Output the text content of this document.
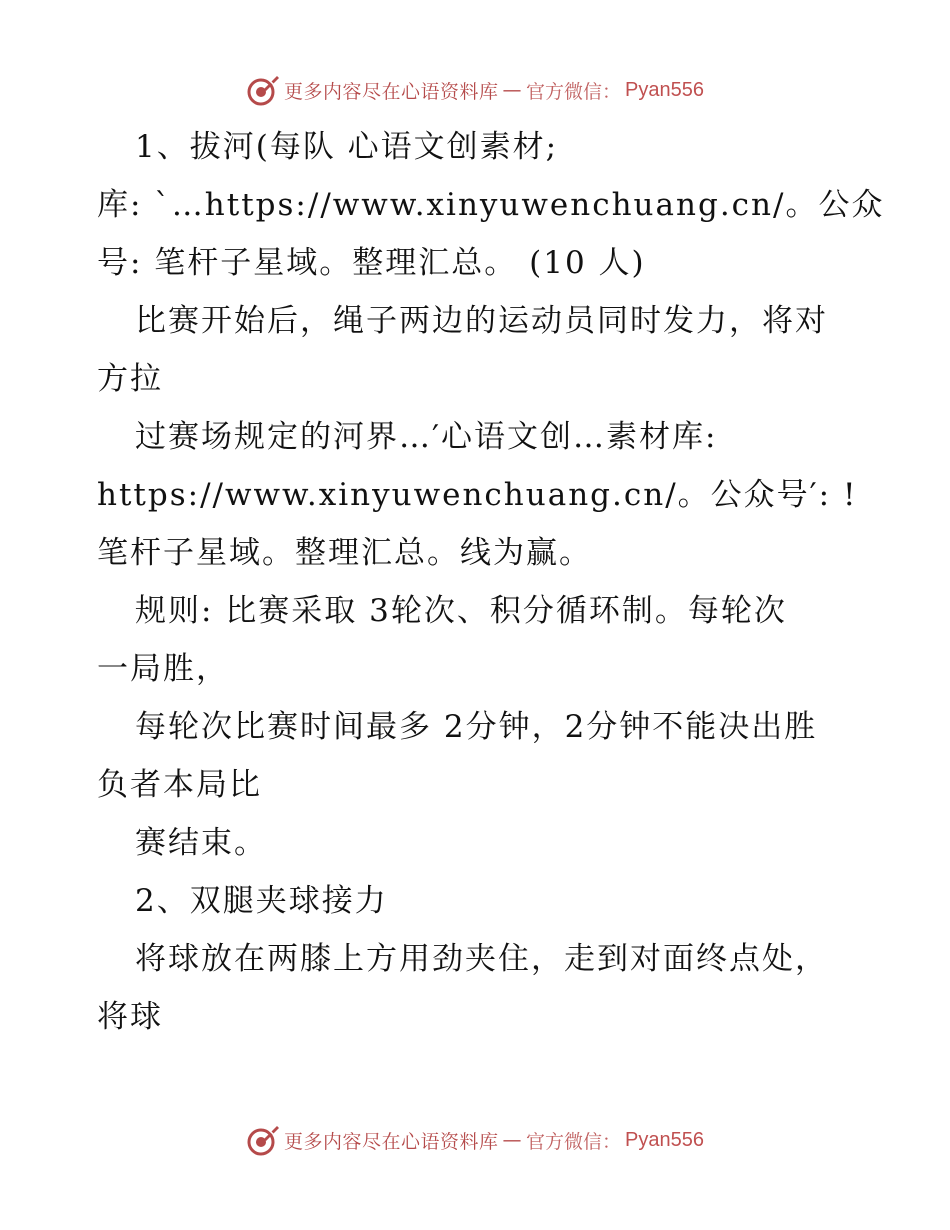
更多内容尽在心语资料库 — 官方微信： Pyan556
1、拔河(每队 心语文创素材;
库: `…https://www.xinyuwenchuang.cn/。公众
号: 笔杆子星域。整理汇总。 (10 人)
比赛开始后，绳子两边的运动员同时发力，将对
方拉
过赛场规定的河界…′心语文创…素材库:
https://www.xinyuwenchuang.cn/。公众号′: !
笔杆子星域。整理汇总。线为赢。
规则: 比赛采取 3轮次、积分循环制。每轮次
一局胜，
每轮次比赛时间最多 2分钟，2分钟不能决出胜
负者本局比
赛结束。
2、双腿夹球接力
将球放在两膝上方用劲夹住，走到对面终点处，
将球
更多内容尽在心语资料库 — 官方微信： Pyan556
